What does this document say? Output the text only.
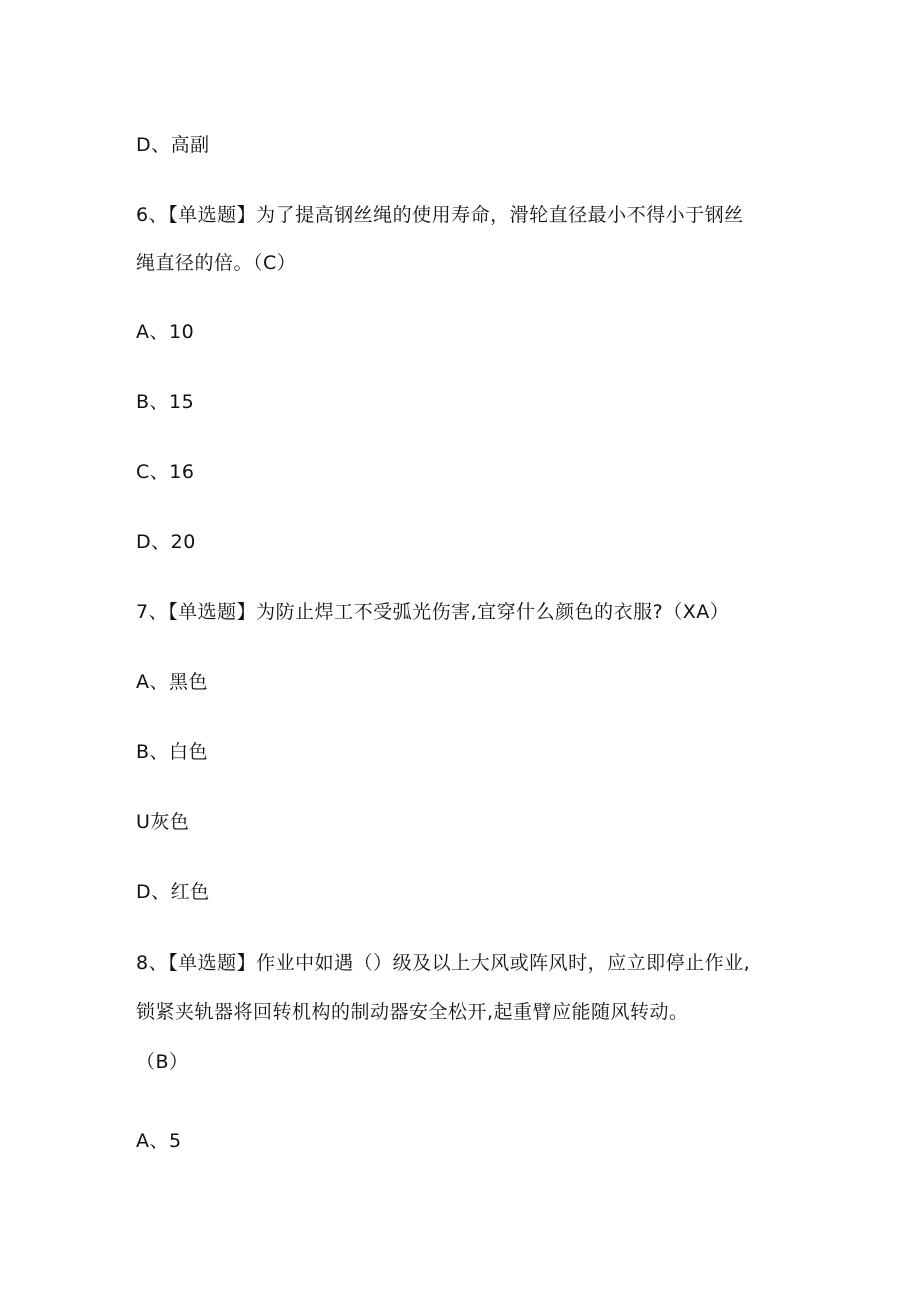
D、高副
6、【单选题】为了提高钢丝绳的使用寿命，滑轮直径最小不得小于钢丝
绳直径的倍。（C）
A、10
B、15
C、16
D、20
7、【单选题】为防止焊工不受弧光伤害,宜穿什么颜色的衣服?（XA）
A、黑色
B、白色
U灰色
D、红色
8、【单选题】作业中如遇（）级及以上大风或阵风时，应立即停止作业,
锁紧夹轨器将回转机构的制动器安全松开,起重臂应能随风转动。
（B）
A、5
